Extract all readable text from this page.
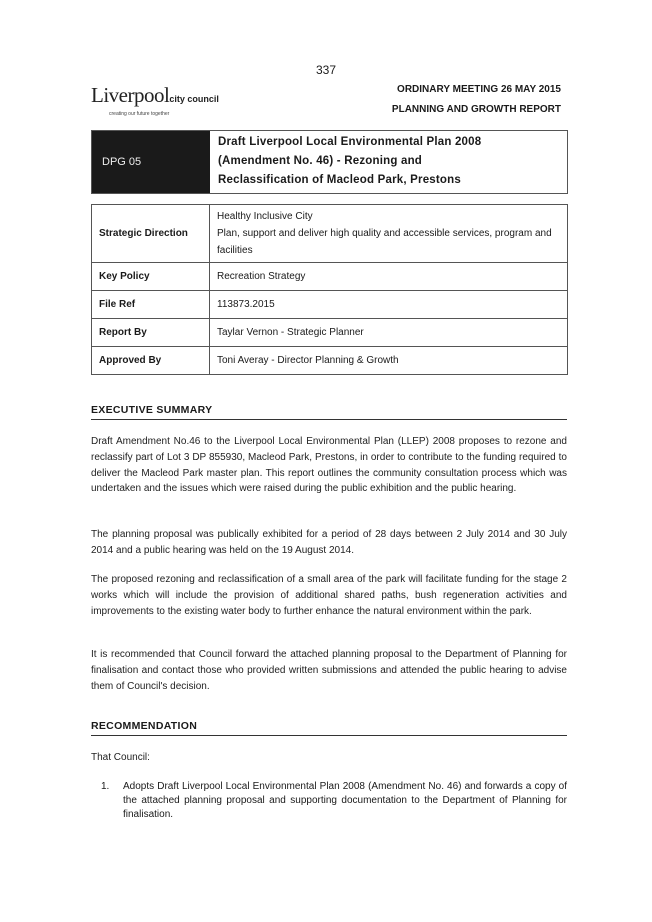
337
Liverpoolcity council
creating our future together
ORDINARY MEETING 26 MAY 2015
PLANNING AND GROWTH REPORT
DPG 05
Draft Liverpool Local Environmental Plan 2008
(Amendment No. 46) - Rezoning and
Reclassification of Macleod Park, Prestons
Strategic Direction	Healthy Inclusive City
Plan, support and deliver high quality and accessible services, program and facilities

Key Policy	Recreation Strategy
File Ref	113873.2015
Report By	Taylar Vernon - Strategic Planner
Approved By	Toni Averay - Director Planning & Growth
EXECUTIVE SUMMARY
Draft Amendment No.46 to the Liverpool Local Environmental Plan (LLEP) 2008 proposes to rezone and reclassify part of Lot 3 DP 855930, Macleod Park, Prestons, in order to contribute to the funding required to deliver the Macleod Park master plan. This report outlines the community consultation process which was undertaken and the issues which were raised during the public exhibition and the public hearing.
The planning proposal was publically exhibited for a period of 28 days between 2 July 2014 and 30 July 2014 and a public hearing was held on the 19 August 2014.
The proposed rezoning and reclassification of a small area of the park will facilitate funding for the stage 2 works which will include the provision of additional shared paths, bush regeneration activities and improvements to the existing water body to further enhance the natural environment within the park.
It is recommended that Council forward the attached planning proposal to the Department of Planning for finalisation and contact those who provided written submissions and attended the public hearing to advise them of Council's decision.
RECOMMENDATION
That Council:
1.	Adopts Draft Liverpool Local Environmental Plan 2008 (Amendment No. 46) and forwards a copy of the attached planning proposal and supporting documentation to the Department of Planning for finalisation.
